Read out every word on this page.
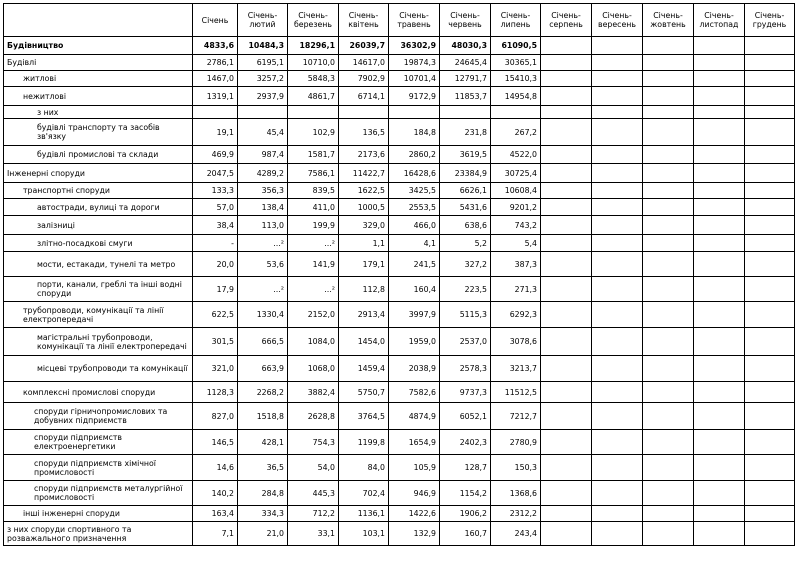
	Січень	Січень-лютий	Січень-березень	Січень-квітень	Січень-травень	Січень-червень	Січень-липень	Січень-серпень	Січень-вересень	Січень-жовтень	Січень-листопад	Січень-грудень
Будівництво	4833,6	10484,3	18296,1	26039,7	36302,9	48030,3	61090,5					
Будівлі	2786,1	6195,1	10710,0	14617,0	19874,3	24645,4	30365,1					
житлові	1467,0	3257,2	5848,3	7902,9	10701,4	12791,7	15410,3					
нежитлові	1319,1	2937,9	4861,7	6714,1	9172,9	11853,7	14954,8					
з них												
будівлі транспорту та засобів зв'язку	19,1	45,4	102,9	136,5	184,8	231,8	267,2					
будівлі промислові та склади	469,9	987,4	1581,7	2173,6	2860,2	3619,5	4522,0					
Інженерні споруди	2047,5	4289,2	7586,1	11422,7	16428,6	23384,9	30725,4					
транспортні споруди	133,3	356,3	839,5	1622,5	3425,5	6626,1	10608,4					
автостради, вулиці та дороги	57,0	138,4	411,0	1000,5	2553,5	5431,6	9201,2					
залізниці	38,4	113,0	199,9	329,0	466,0	638,6	743,2					
злітно-посадкові смуги	-	…²	…²	1,1	4,1	5,2	5,4					
мости, естакади, тунелі та метро	20,0	53,6	141,9	179,1	241,5	327,2	387,3					
порти, канали, греблі та інші водні споруди	17,9	…²	…²	112,8	160,4	223,5	271,3					
трубопроводи, комунікації та лінії електропередачі	622,5	1330,4	2152,0	2913,4	3997,9	5115,3	6292,3					
магістральні трубопроводи, комунікації та лінії електропередачі	301,5	666,5	1084,0	1454,0	1959,0	2537,0	3078,6					
місцеві трубопроводи та комунікації	321,0	663,9	1068,0	1459,4	2038,9	2578,3	3213,7					
комплексні промислові споруди	1128,3	2268,2	3882,4	5750,7	7582,6	9737,3	11512,5					
споруди гірничопромислових та добувних підприємств	827,0	1518,8	2628,8	3764,5	4874,9	6052,1	7212,7					
споруди підприємств електроенергетики	146,5	428,1	754,3	1199,8	1654,9	2402,3	2780,9					
споруди підприємств хімічної промисловості	14,6	36,5	54,0	84,0	105,9	128,7	150,3					
споруди підприємств металургійної промисловості	140,2	284,8	445,3	702,4	946,9	1154,2	1368,6					
інші інженерні споруди	163,4	334,3	712,2	1136,1	1422,6	1906,2	2312,2					
з них споруди спортивного та розважального призначення	7,1	21,0	33,1	103,1	132,9	160,7	243,4					
